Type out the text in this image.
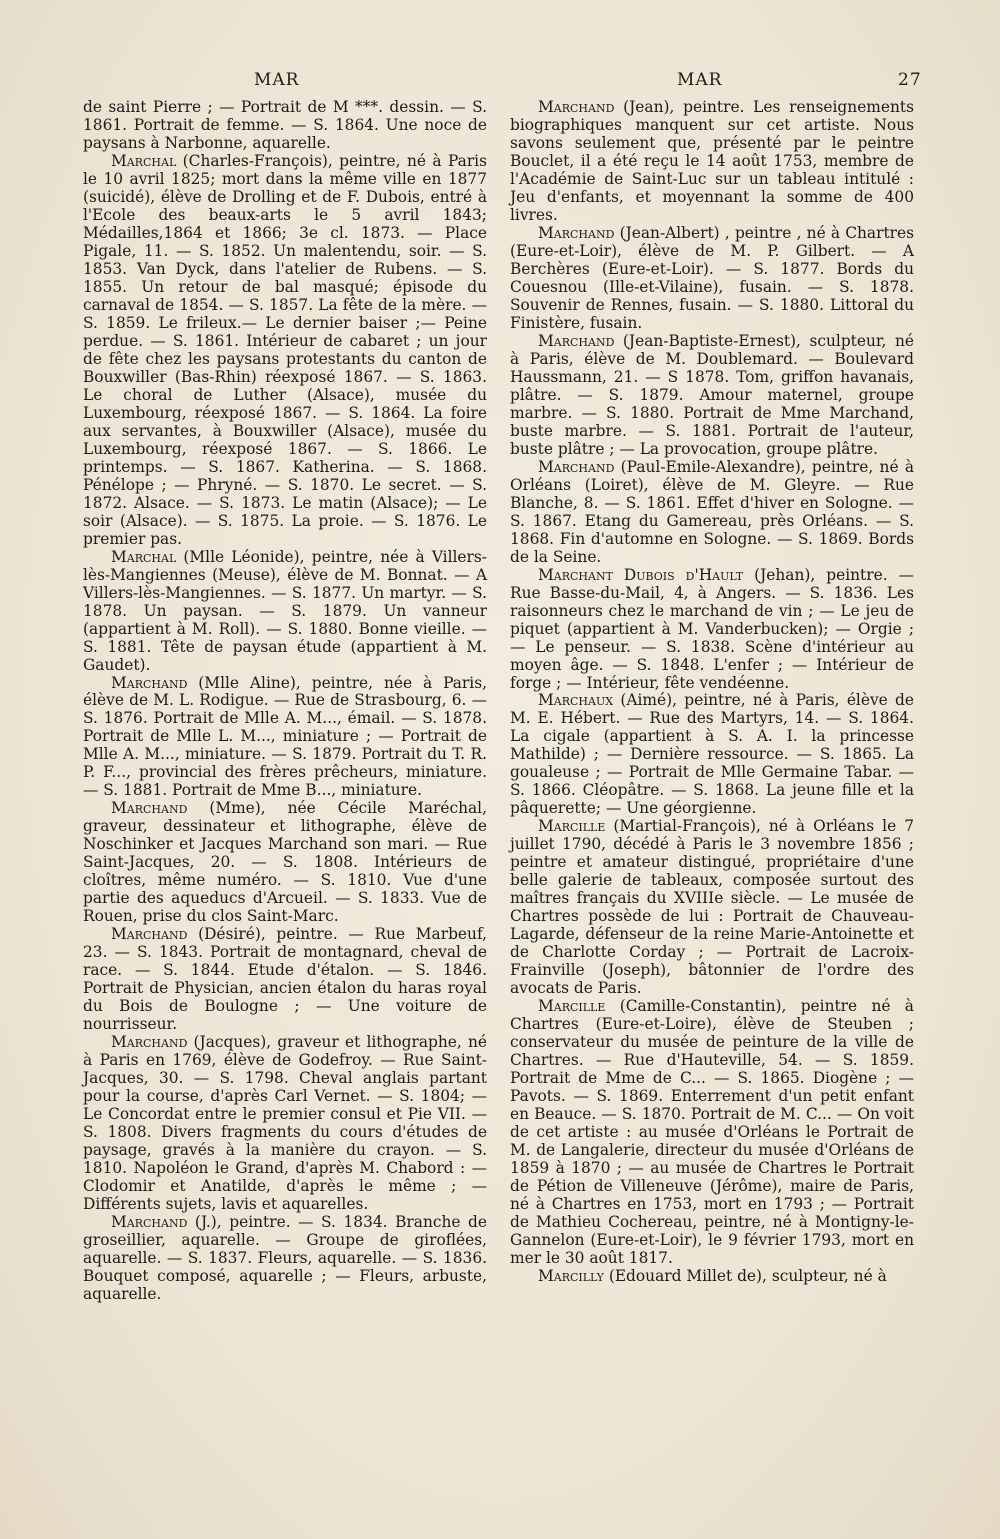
MAR	MAR	27

de saint Pierre ; — Portrait de M ***. dessin. — S. 1861. Portrait de femme. — S. 1864. Une noce de paysans à Narbonne, aquarelle.

Marchal (Charles-François), peintre, né à Paris le 10 avril 1825; mort dans la même ville en 1877 (suicidé), élève de Drolling et de F. Dubois, entré à l'Ecole des beaux-arts le 5 avril 1843; Médailles,1864 et 1866; 3e cl. 1873. — Place Pigale, 11. — S. 1852. Un malentendu, soir. — S. 1853. Van Dyck, dans l'atelier de Rubens. — S. 1855. Un retour de bal masqué; épisode du carnaval de 1854. — S. 1857. La fête de la mère. — S. 1859. Le frileux.— Le dernier baiser ;— Peine perdue. — S. 1861. Intérieur de cabaret ; un jour de fête chez les paysans protestants du canton de Bouxwiller (Bas-Rhin) réexposé 1867. — S. 1863. Le choral de Luther (Alsace), musée du Luxembourg, réexposé 1867. — S. 1864. La foire aux servantes, à Bouxwiller (Alsace), musée du Luxembourg, réexposé 1867. — S. 1866. Le printemps. — S. 1867. Katherina. — S. 1868. Pénélope ; — Phryné. — S. 1870. Le secret. — S. 1872. Alsace. — S. 1873. Le matin (Alsace); — Le soir (Alsace). — S. 1875. La proie. — S. 1876. Le premier pas.

Marchal (Mlle Léonide), peintre, née à Villers-lès-Mangiennes (Meuse), élève de M. Bonnat. — A Villers-lès-Mangiennes. — S. 1877. Un martyr. — S. 1878. Un paysan. — S. 1879. Un vanneur (appartient à M. Roll). — S. 1880. Bonne vieille. — S. 1881. Tête de paysan étude (appartient à M. Gaudet).

Marchand (Mlle Aline), peintre, née à Paris, élève de M. L. Rodigue. — Rue de Strasbourg, 6. — S. 1876. Portrait de Mlle A. M..., émail. — S. 1878. Portrait de Mlle L. M..., miniature ; — Portrait de Mlle A. M..., miniature. — S. 1879. Portrait du T. R. P. F..., provincial des frères prêcheurs, miniature. — S. 1881. Portrait de Mme B..., miniature.

Marchand (Mme), née Cécile Maréchal, graveur, dessinateur et lithographe, élève de Noschinker et Jacques Marchand son mari. — Rue Saint-Jacques, 20. — S. 1808. Intérieurs de cloîtres, même numéro. — S. 1810. Vue d'une partie des aqueducs d'Arcueil. — S. 1833. Vue de Rouen, prise du clos Saint-Marc.

Marchand (Désiré), peintre. — Rue Marbeuf, 23. — S. 1843. Portrait de montagnard, cheval de race. — S. 1844. Etude d'étalon. — S. 1846. Portrait de Physician, ancien étalon du haras royal du Bois de Boulogne ; — Une voiture de nourrisseur.

Marchand (Jacques), graveur et lithographe, né à Paris en 1769, élève de Godefroy. — Rue Saint-Jacques, 30. — S. 1798. Cheval anglais partant pour la course, d'après Carl Vernet. — S. 1804; — Le Concordat entre le premier consul et Pie VII. — S. 1808. Divers fragments du cours d'études de paysage, gravés à la manière du crayon. — S. 1810. Napoléon le Grand, d'après M. Chabord : — Clodomir et Anatilde, d'après le même ; — Différents sujets, lavis et aquarelles.

Marchand (J.), peintre. — S. 1834. Branche de groseillier, aquarelle. — Groupe de giroflées, aquarelle. — S. 1837. Fleurs, aquarelle. — S. 1836. Bouquet composé, aquarelle ; — Fleurs, arbuste, aquarelle.

Marchand (Jean), peintre. Les renseignements biographiques manquent sur cet artiste. Nous savons seulement que, présenté par le peintre Bouclet, il a été reçu le 14 août 1753, membre de l'Académie de Saint-Luc sur un tableau intitulé : Jeu d'enfants, et moyennant la somme de 400 livres.

Marchand (Jean-Albert) , peintre , né à Chartres (Eure-et-Loir), élève de M. P. Gilbert. — A Berchères (Eure-et-Loir). — S. 1877. Bords du Couesnou (Ille-et-Vilaine), fusain. — S. 1878. Souvenir de Rennes, fusain. — S. 1880. Littoral du Finistère, fusain.

Marchand (Jean-Baptiste-Ernest), sculpteur, né à Paris, élève de M. Doublemard. — Boulevard Haussmann, 21. — S 1878. Tom, griffon havanais, plâtre. — S. 1879. Amour maternel, groupe marbre. — S. 1880. Portrait de Mme Marchand, buste marbre. — S. 1881. Portrait de l'auteur, buste plâtre ; — La provocation, groupe plâtre.

Marchand (Paul-Emile-Alexandre), peintre, né à Orléans (Loiret), élève de M. Gleyre. — Rue Blanche, 8. — S. 1861. Effet d'hiver en Sologne. — S. 1867. Etang du Gamereau, près Orléans. — S. 1868. Fin d'automne en Sologne. — S. 1869. Bords de la Seine.

Marchant Dubois d'Hault (Jehan), peintre. — Rue Basse-du-Mail, 4, à Angers. — S. 1836. Les raisonneurs chez le marchand de vin ; — Le jeu de piquet (appartient à M. Vanderbucken); — Orgie ; — Le penseur. — S. 1838. Scène d'intérieur au moyen âge. — S. 1848. L'enfer ; — Intérieur de forge ; — Intérieur, fête vendéenne.

Marchaux (Aimé), peintre, né à Paris, élève de M. E. Hébert. — Rue des Martyrs, 14. — S. 1864. La cigale (appartient à S. A. I. la princesse Mathilde) ; — Dernière ressource. — S. 1865. La goualeuse ; — Portrait de Mlle Germaine Tabar. — S. 1866. Cléopâtre. — S. 1868. La jeune fille et la pâquerette; — Une géorgienne.

Marcille (Martial-François), né à Orléans le 7 juillet 1790, décédé à Paris le 3 novembre 1856 ; peintre et amateur distingué, propriétaire d'une belle galerie de tableaux, composée surtout des maîtres français du XVIIIe siècle. — Le musée de Chartres possède de lui : Portrait de Chauveau-Lagarde, défenseur de la reine Marie-Antoinette et de Charlotte Corday ; — Portrait de Lacroix-Frainville (Joseph), bâtonnier de l'ordre des avocats de Paris.

Marcille (Camille-Constantin), peintre né à Chartres (Eure-et-Loire), élève de Steuben ; conservateur du musée de peinture de la ville de Chartres. — Rue d'Hauteville, 54. — S. 1859. Portrait de Mme de C... — S. 1865. Diogène ; — Pavots. — S. 1869. Enterrement d'un petit enfant en Beauce. — S. 1870. Portrait de M. C... — On voit de cet artiste : au musée d'Orléans le Portrait de M. de Langalerie, directeur du musée d'Orléans de 1859 à 1870 ; — au musée de Chartres le Portrait de Pétion de Villeneuve (Jérôme), maire de Paris, né à Chartres en 1753, mort en 1793 ; — Portrait de Mathieu Cochereau, peintre, né à Montigny-le-Gannelon (Eure-et-Loir), le 9 février 1793, mort en mer le 30 août 1817.

Marcilly (Edouard Millet de), sculpteur, né à
